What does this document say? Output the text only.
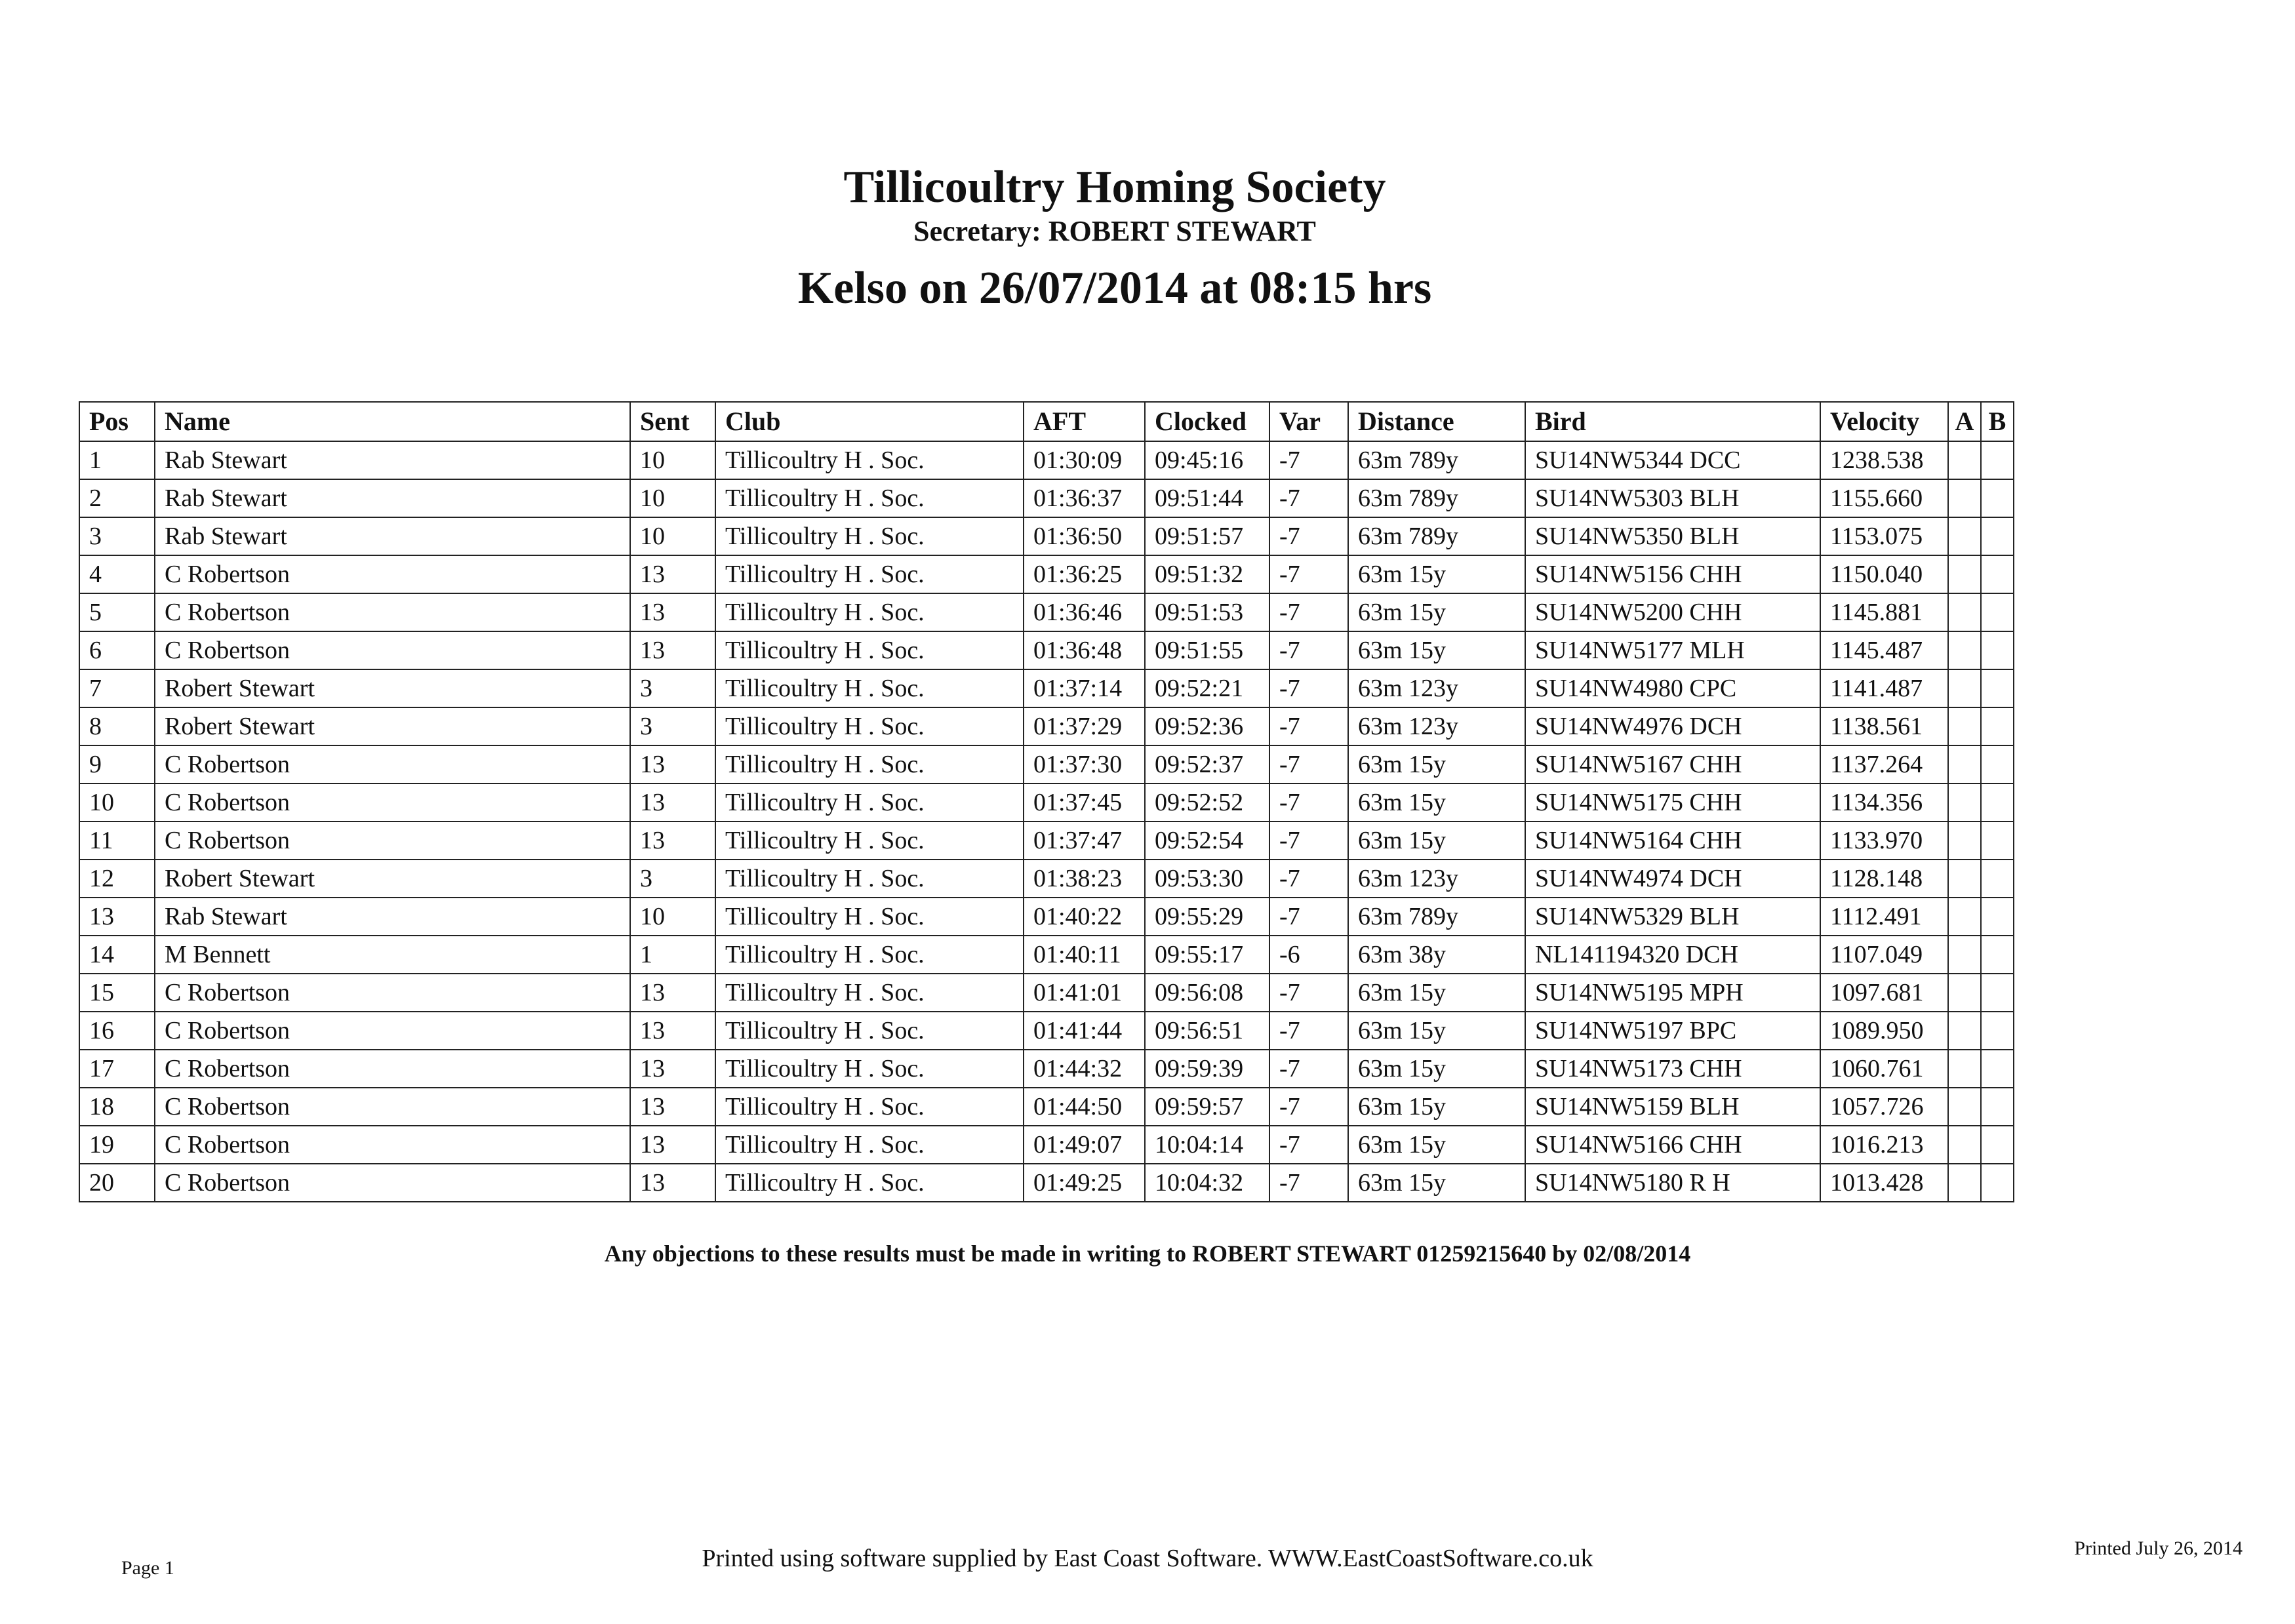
Tillicoultry Homing Society
Secretary: ROBERT STEWART
Kelso on 26/07/2014 at 08:15 hrs
Pos	Name	Sent	Club	AFT	Clocked	Var	Distance	Bird	Velocity	A	B
1	Rab Stewart	10	Tillicoultry H . Soc.	01:30:09	09:45:16	-7	63m 789y	SU14NW5344 DCC	1238.538		
2	Rab Stewart	10	Tillicoultry H . Soc.	01:36:37	09:51:44	-7	63m 789y	SU14NW5303 BLH	1155.660		
3	Rab Stewart	10	Tillicoultry H . Soc.	01:36:50	09:51:57	-7	63m 789y	SU14NW5350 BLH	1153.075		
4	C Robertson	13	Tillicoultry H . Soc.	01:36:25	09:51:32	-7	63m 15y	SU14NW5156 CHH	1150.040		
5	C Robertson	13	Tillicoultry H . Soc.	01:36:46	09:51:53	-7	63m 15y	SU14NW5200 CHH	1145.881		
6	C Robertson	13	Tillicoultry H . Soc.	01:36:48	09:51:55	-7	63m 15y	SU14NW5177 MLH	1145.487		
7	Robert Stewart	3	Tillicoultry H . Soc.	01:37:14	09:52:21	-7	63m 123y	SU14NW4980 CPC	1141.487		
8	Robert Stewart	3	Tillicoultry H . Soc.	01:37:29	09:52:36	-7	63m 123y	SU14NW4976 DCH	1138.561		
9	C Robertson	13	Tillicoultry H . Soc.	01:37:30	09:52:37	-7	63m 15y	SU14NW5167 CHH	1137.264		
10	C Robertson	13	Tillicoultry H . Soc.	01:37:45	09:52:52	-7	63m 15y	SU14NW5175 CHH	1134.356		
11	C Robertson	13	Tillicoultry H . Soc.	01:37:47	09:52:54	-7	63m 15y	SU14NW5164 CHH	1133.970		
12	Robert Stewart	3	Tillicoultry H . Soc.	01:38:23	09:53:30	-7	63m 123y	SU14NW4974 DCH	1128.148		
13	Rab Stewart	10	Tillicoultry H . Soc.	01:40:22	09:55:29	-7	63m 789y	SU14NW5329 BLH	1112.491		
14	M Bennett	1	Tillicoultry H . Soc.	01:40:11	09:55:17	-6	63m 38y	NL141194320 DCH	1107.049		
15	C Robertson	13	Tillicoultry H . Soc.	01:41:01	09:56:08	-7	63m 15y	SU14NW5195 MPH	1097.681		
16	C Robertson	13	Tillicoultry H . Soc.	01:41:44	09:56:51	-7	63m 15y	SU14NW5197 BPC	1089.950		
17	C Robertson	13	Tillicoultry H . Soc.	01:44:32	09:59:39	-7	63m 15y	SU14NW5173 CHH	1060.761		
18	C Robertson	13	Tillicoultry H . Soc.	01:44:50	09:59:57	-7	63m 15y	SU14NW5159 BLH	1057.726		
19	C Robertson	13	Tillicoultry H . Soc.	01:49:07	10:04:14	-7	63m 15y	SU14NW5166 CHH	1016.213		
20	C Robertson	13	Tillicoultry H . Soc.	01:49:25	10:04:32	-7	63m 15y	SU14NW5180 R H	1013.428		
Any objections to these results must be made in writing to ROBERT STEWART 01259215640 by 02/08/2014
Page 1	Printed using software supplied by East Coast Software. WWW.EastCoastSoftware.co.uk	Printed July 26, 2014
